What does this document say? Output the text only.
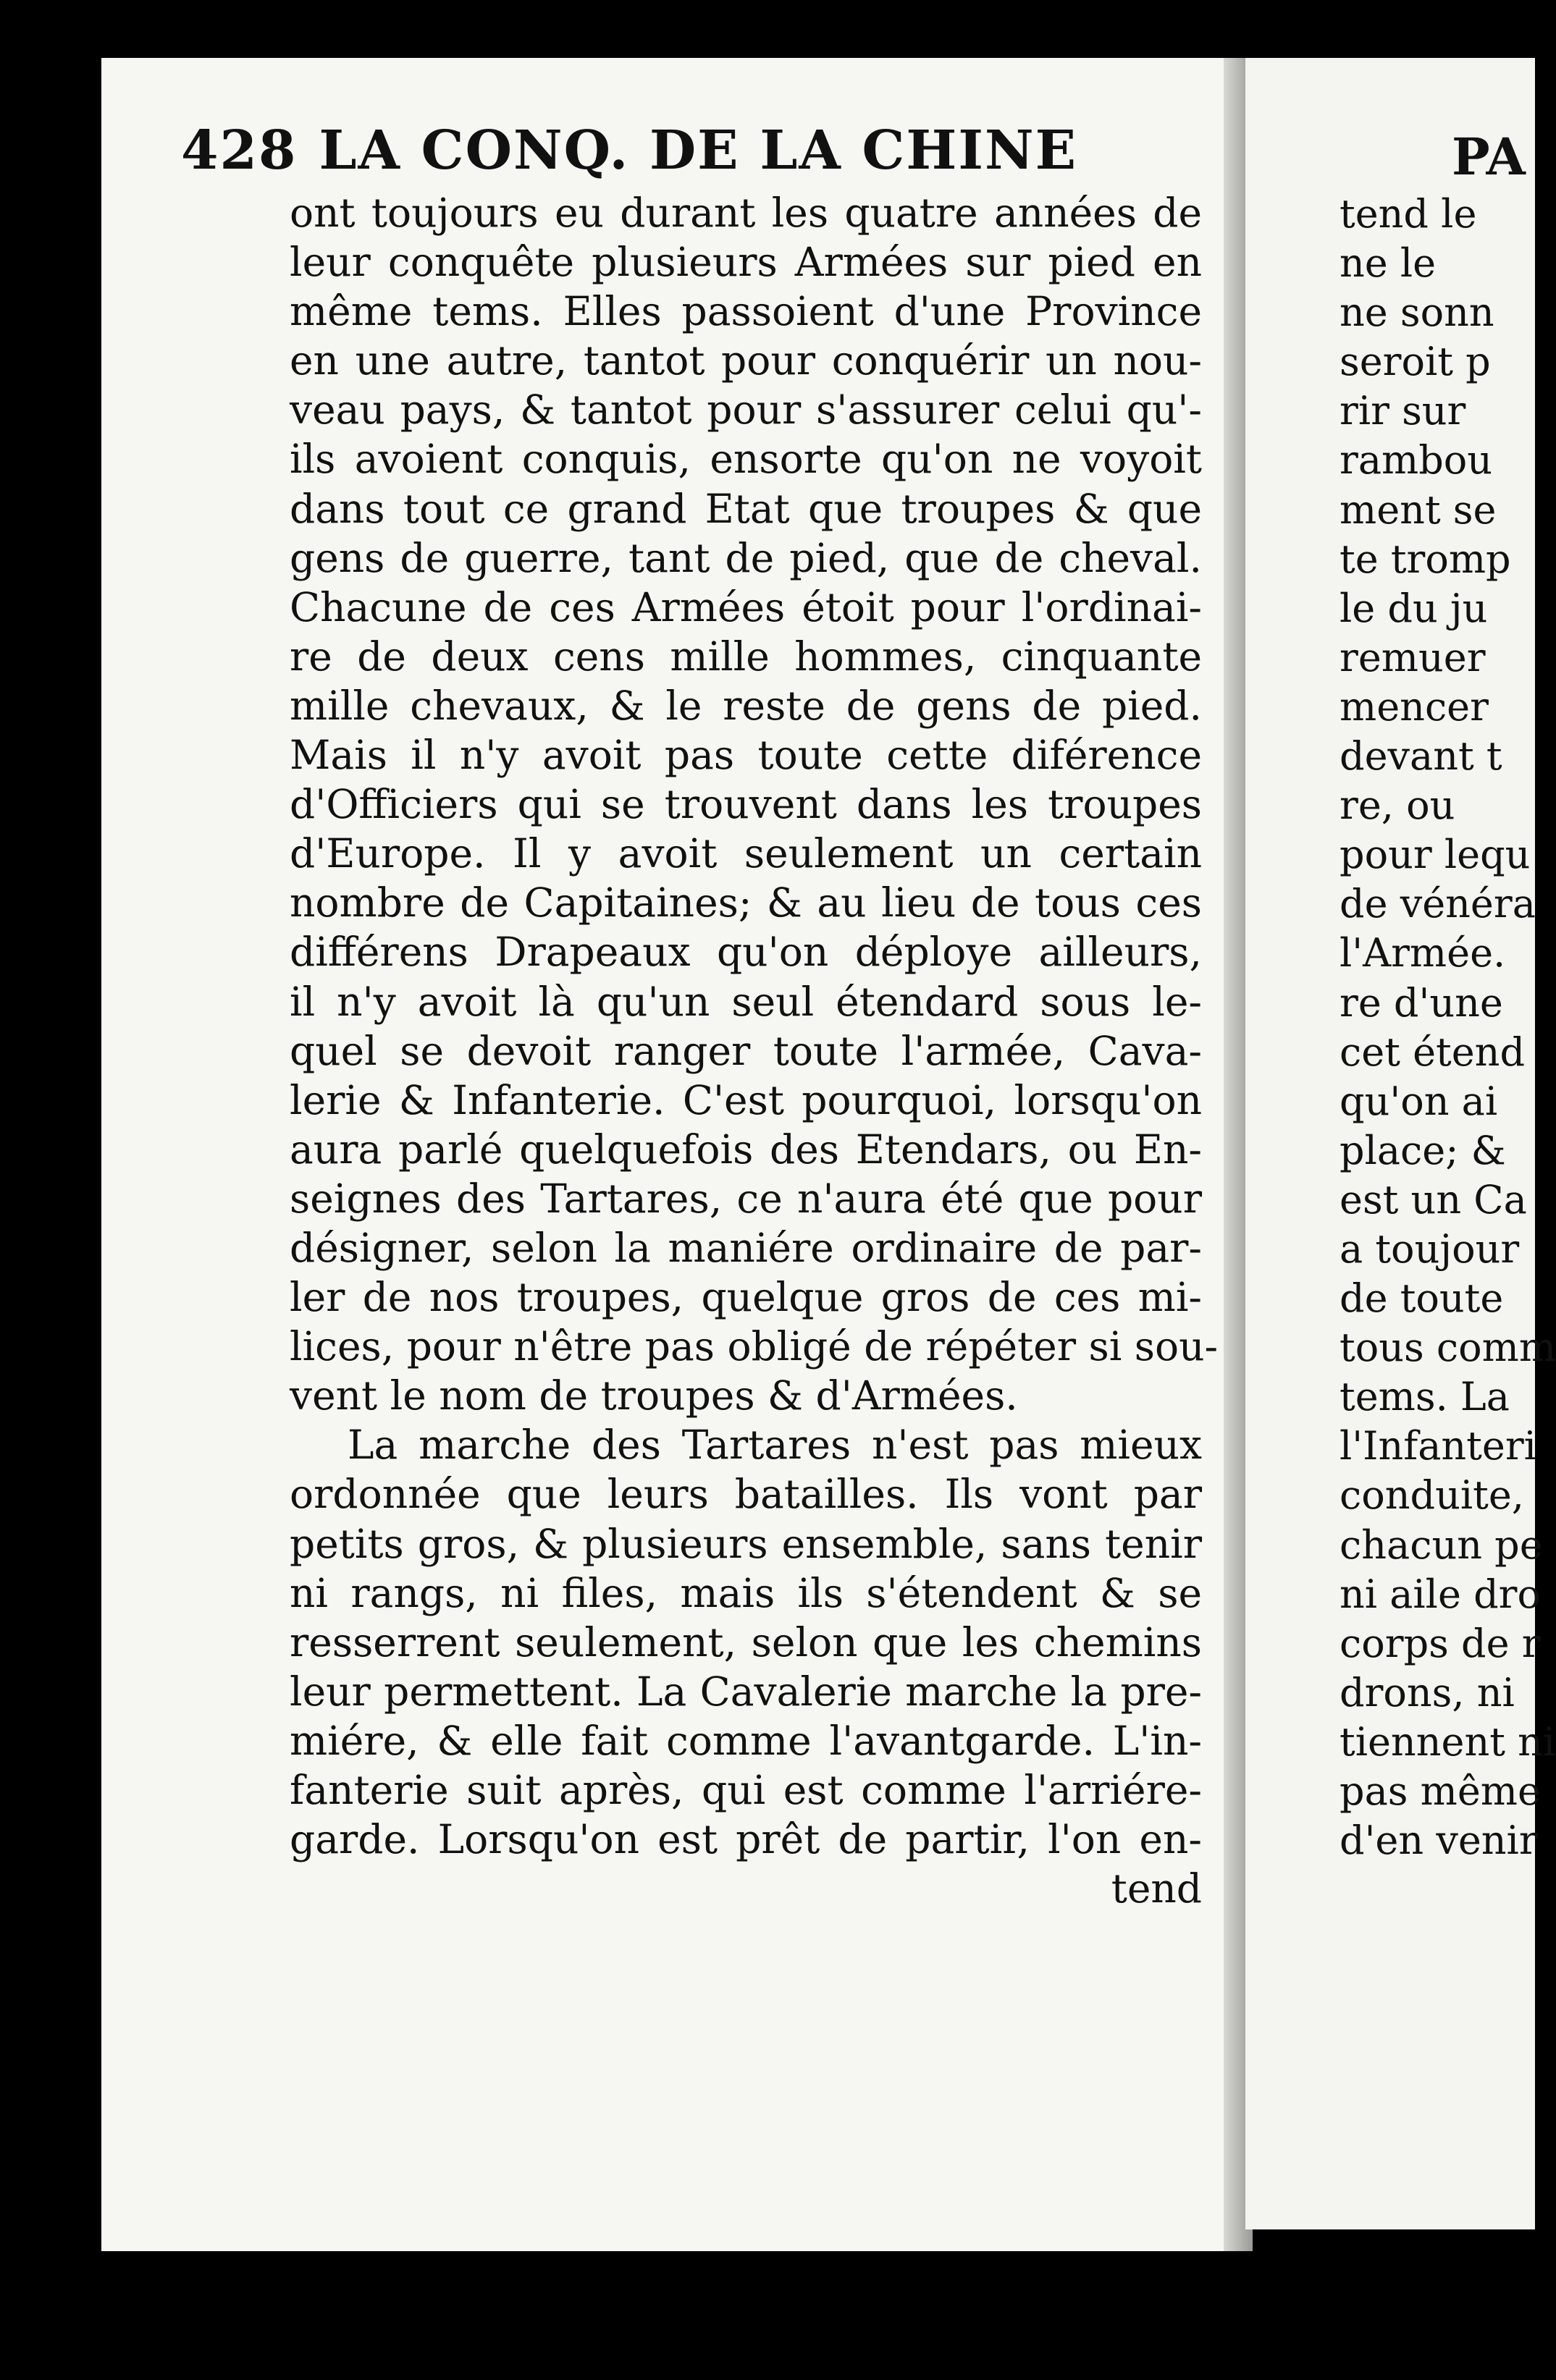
428 LA CONQ. DE LA CHINE
ont toujours eu durant les quatre années de
leur conquête plusieurs Armées sur pied en
même tems. Elles passoient d'une Province
en une autre, tantot pour conquérir un nou-
veau pays, & tantot pour s'assurer celui qu'-
ils avoient conquis, ensorte qu'on ne voyoit
dans tout ce grand Etat que troupes & que
gens de guerre, tant de pied, que de cheval.
Chacune de ces Armées étoit pour l'ordinai-
re de deux cens mille hommes, cinquante
mille chevaux, & le reste de gens de pied.
Mais il n'y avoit pas toute cette diférence
d'Officiers qui se trouvent dans les troupes
d'Europe. Il y avoit seulement un certain
nombre de Capitaines; & au lieu de tous ces
différens Drapeaux qu'on déploye ailleurs,
il n'y avoit là qu'un seul étendard sous le-
quel se devoit ranger toute l'armée, Cava-
lerie & Infanterie. C'est pourquoi, lorsqu'on
aura parlé quelquefois des Etendars, ou En-
seignes des Tartares, ce n'aura été que pour
désigner, selon la maniére ordinaire de par-
ler de nos troupes, quelque gros de ces mi-
lices, pour n'être pas obligé de répéter si sou-
vent le nom de troupes & d'Armées.
La marche des Tartares n'est pas mieux
ordonnée que leurs batailles. Ils vont par
petits gros, & plusieurs ensemble, sans tenir
ni rangs, ni files, mais ils s'étendent & se
resserrent seulement, selon que les chemins
leur permettent. La Cavalerie marche la pre-
miére, & elle fait comme l'avantgarde. L'in-
fanterie suit après, qui est comme l'arriére-
garde. Lorsqu'on est prêt de partir, l'on en-
tend
PA
tend le
ne le
ne sonn
seroit p
rir sur
rambou
ment se
te tromp
le du ju
remuer
mencer
devant t
re, ou
pour lequ
de vénéra
l'Armée.
re d'une
cet étend
qu'on ai
place; &
est un Ca
a toujour
de toute
tous comm
tems. La
l'Infanteri
conduite,
chacun pe
ni aile dro
corps de r
drons, ni
tiennent ni
pas même
d'en venir
